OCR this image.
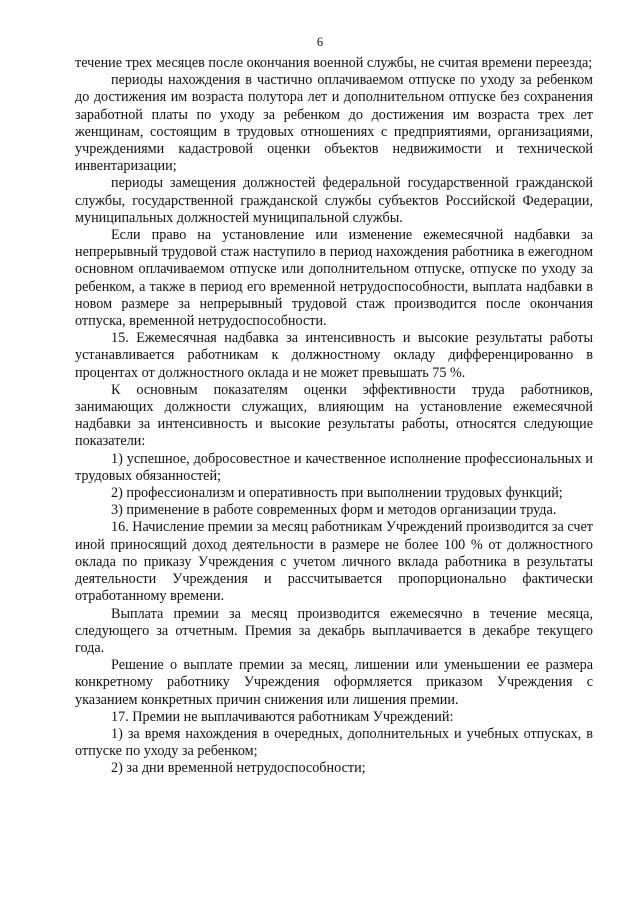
6

течение трех месяцев после окончания военной службы, не считая времени переезда;

периоды нахождения в частично оплачиваемом отпуске по уходу за ребенком до достижения им возраста полутора лет и дополнительном отпуске без сохранения заработной платы по уходу за ребенком до достижения им возраста трех лет женщинам, состоящим в трудовых отношениях с предприятиями, организациями, учреждениями кадастровой оценки объектов недвижимости и технической инвентаризации;

периоды замещения должностей федеральной государственной гражданской службы, государственной гражданской службы субъектов Российской Федерации, муниципальных должностей муниципальной службы.

Если право на установление или изменение ежемесячной надбавки за непрерывный трудовой стаж наступило в период нахождения работника в ежегодном основном оплачиваемом отпуске или дополнительном отпуске, отпуске по уходу за ребенком, а также в период его временной нетрудоспособности, выплата надбавки в новом размере за непрерывный трудовой стаж производится после окончания отпуска, временной нетрудоспособности.

15. Ежемесячная надбавка за интенсивность и высокие результаты работы устанавливается работникам к должностному окладу дифференцированно в процентах от должностного оклада и не может превышать 75 %.

К основным показателям оценки эффективности труда работников, занимающих должности служащих, влияющим на установление ежемесячной надбавки за интенсивность и высокие результаты работы, относятся следующие показатели:

1) успешное, добросовестное и качественное исполнение профессиональных и трудовых обязанностей;

2) профессионализм и оперативность при выполнении трудовых функций;

3) применение в работе современных форм и методов организации труда.

16. Начисление премии за месяц работникам Учреждений производится за счет иной приносящий доход деятельности в размере не более 100 % от должностного оклада по приказу Учреждения с учетом личного вклада работника в результаты деятельности Учреждения и рассчитывается пропорционально фактически отработанному времени.

Выплата премии за месяц производится ежемесячно в течение месяца, следующего за отчетным. Премия за декабрь выплачивается в декабре текущего года.

Решение о выплате премии за месяц, лишении или уменьшении ее размера конкретному работнику Учреждения оформляется приказом Учреждения с указанием конкретных причин снижения или лишения премии.

17. Премии не выплачиваются работникам Учреждений:

1) за время нахождения в очередных, дополнительных и учебных отпусках, в отпуске по уходу за ребенком;

2) за дни временной нетрудоспособности;
